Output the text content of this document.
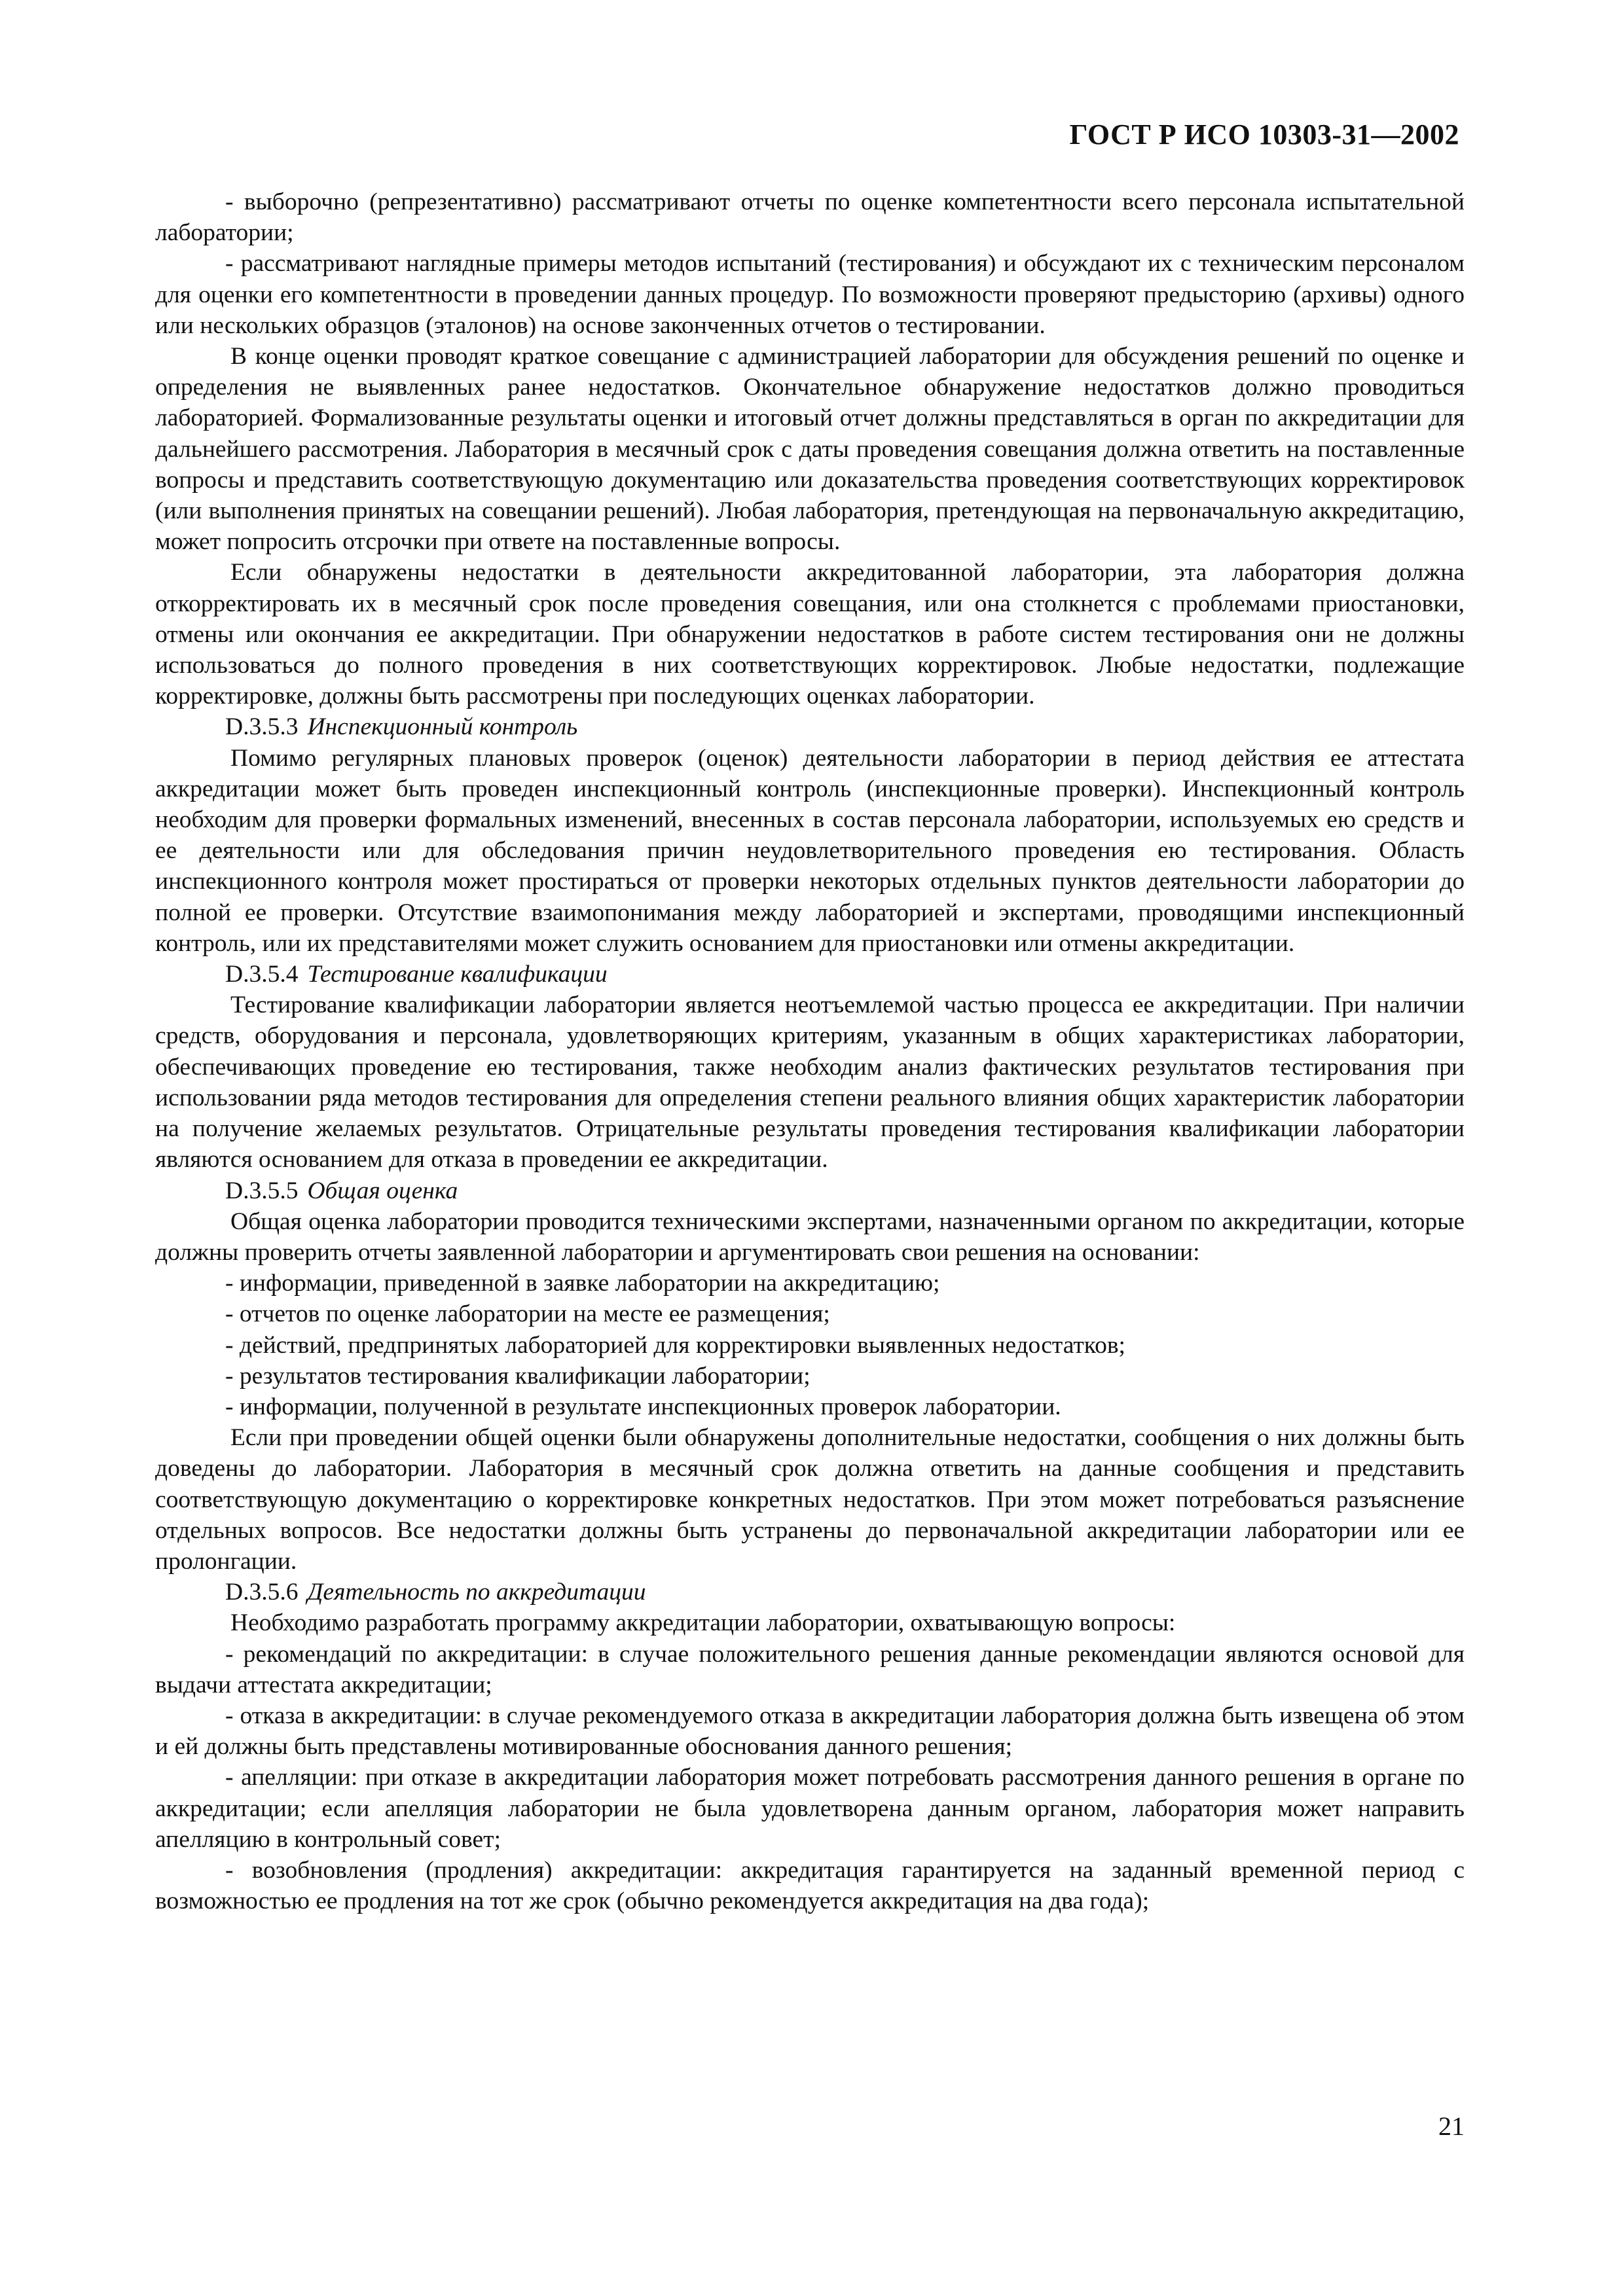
ГОСТ Р ИСО 10303-31—2002

- выборочно (репрезентативно) рассматривают отчеты по оценке компетентности всего персонала испытательной лаборатории;

- рассматривают наглядные примеры методов испытаний (тестирования) и обсуждают их с техническим персоналом для оценки его компетентности в проведении данных процедур. По возможности проверяют предысторию (архивы) одного или нескольких образцов (эталонов) на основе законченных отчетов о тестировании.

В конце оценки проводят краткое совещание с администрацией лаборатории для обсуждения решений по оценке и определения не выявленных ранее недостатков. Окончательное обнаружение недостатков должно проводиться лабораторией. Формализованные результаты оценки и итоговый отчет должны представляться в орган по аккредитации для дальнейшего рассмотрения. Лаборатория в месячный срок с даты проведения совещания должна ответить на поставленные вопросы и представить соответствующую документацию или доказательства проведения соответствующих корректировок (или выполнения принятых на совещании решений). Любая лаборатория, претендующая на первоначальную аккредитацию, может попросить отсрочки при ответе на поставленные вопросы.

Если обнаружены недостатки в деятельности аккредитованной лаборатории, эта лаборатория должна откорректировать их в месячный срок после проведения совещания, или она столкнется с проблемами приостановки, отмены или окончания ее аккредитации. При обнаружении недостатков в работе систем тестирования они не должны использоваться до полного проведения в них соответствующих корректировок. Любые недостатки, подлежащие корректировке, должны быть рассмотрены при последующих оценках лаборатории.

D.3.5.3 Инспекционный контроль

Помимо регулярных плановых проверок (оценок) деятельности лаборатории в период действия ее аттестата аккредитации может быть проведен инспекционный контроль (инспекционные проверки). Инспекционный контроль необходим для проверки формальных изменений, внесенных в состав персонала лаборатории, используемых ею средств и ее деятельности или для обследования причин неудовлетворительного проведения ею тестирования. Область инспекционного контроля может простираться от проверки некоторых отдельных пунктов деятельности лаборатории до полной ее проверки. Отсутствие взаимопонимания между лабораторией и экспертами, проводящими инспекционный контроль, или их представителями может служить основанием для приостановки или отмены аккредитации.

D.3.5.4 Тестирование квалификации

Тестирование квалификации лаборатории является неотъемлемой частью процесса ее аккредитации. При наличии средств, оборудования и персонала, удовлетворяющих критериям, указанным в общих характеристиках лаборатории, обеспечивающих проведение ею тестирования, также необходим анализ фактических результатов тестирования при использовании ряда методов тестирования для определения степени реального влияния общих характеристик лаборатории на получение желаемых результатов. Отрицательные результаты проведения тестирования квалификации лаборатории являются основанием для отказа в проведении ее аккредитации.

D.3.5.5 Общая оценка

Общая оценка лаборатории проводится техническими экспертами, назначенными органом по аккредитации, которые должны проверить отчеты заявленной лаборатории и аргументировать свои решения на основании:

- информации, приведенной в заявке лаборатории на аккредитацию;

- отчетов по оценке лаборатории на месте ее размещения;

- действий, предпринятых лабораторией для корректировки выявленных недостатков;

- результатов тестирования квалификации лаборатории;

- информации, полученной в результате инспекционных проверок лаборатории.

Если при проведении общей оценки были обнаружены дополнительные недостатки, сообщения о них должны быть доведены до лаборатории. Лаборатория в месячный срок должна ответить на данные сообщения и представить соответствующую документацию о корректировке конкретных недостатков. При этом может потребоваться разъяснение отдельных вопросов. Все недостатки должны быть устранены до первоначальной аккредитации лаборатории или ее пролонгации.

D.3.5.6 Деятельность по аккредитации

Необходимо разработать программу аккредитации лаборатории, охватывающую вопросы:

- рекомендаций по аккредитации: в случае положительного решения данные рекомендации являются основой для выдачи аттестата аккредитации;

- отказа в аккредитации: в случае рекомендуемого отказа в аккредитации лаборатория должна быть извещена об этом и ей должны быть представлены мотивированные обоснования данного решения;

- апелляции: при отказе в аккредитации лаборатория может потребовать рассмотрения данного решения в органе по аккредитации; если апелляция лаборатории не была удовлетворена данным органом, лаборатория может направить апелляцию в контрольный совет;

- возобновления (продления) аккредитации: аккредитация гарантируется на заданный временной период с возможностью ее продления на тот же срок (обычно рекомендуется аккредитация на два года);

21
